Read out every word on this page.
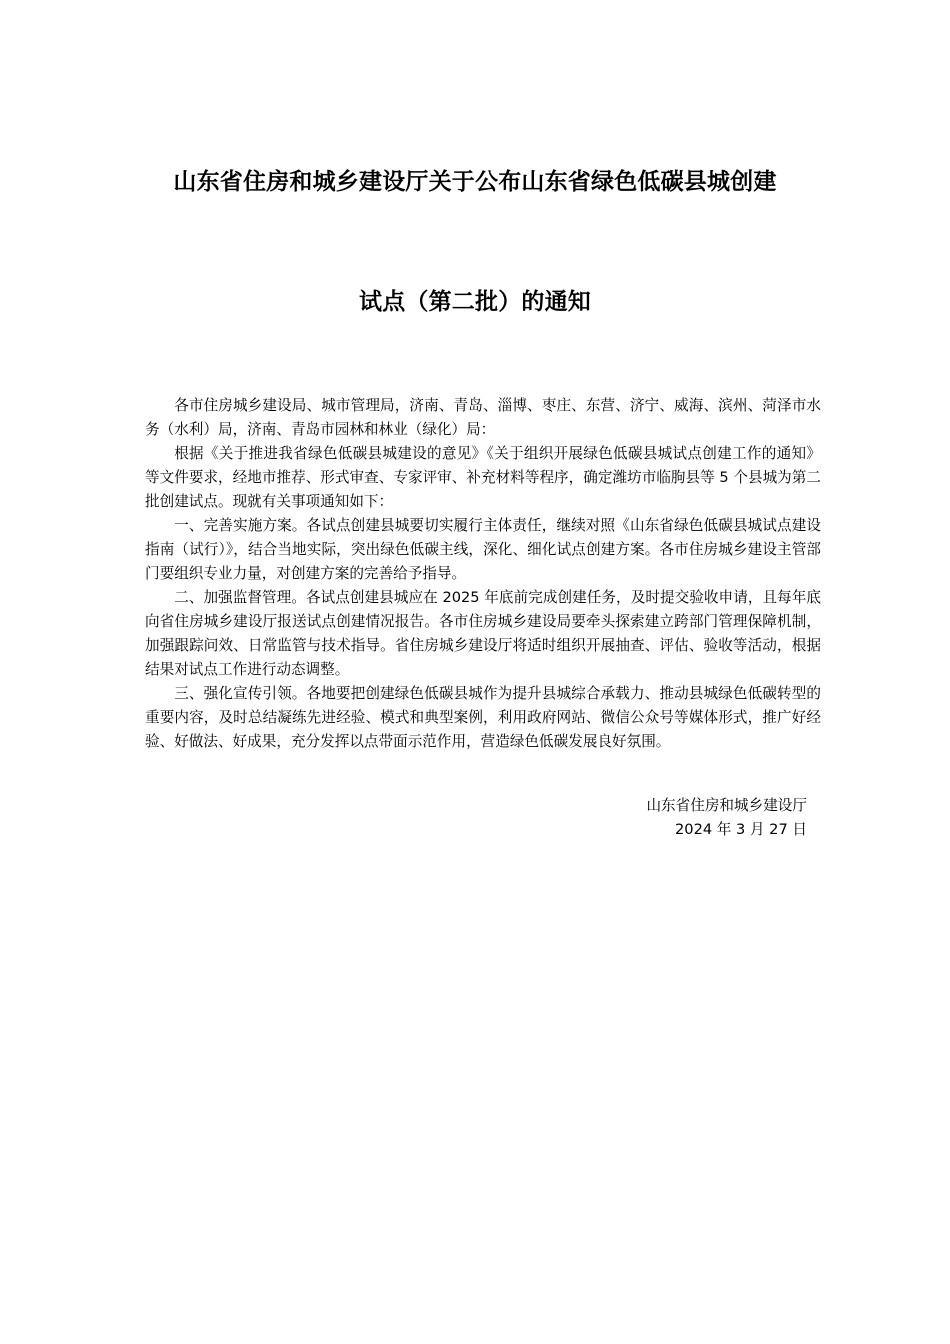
山东省住房和城乡建设厅关于公布山东省绿色低碳县城创建
试点（第二批）的通知

各市住房城乡建设局、城市管理局，济南、青岛、淄博、枣庄、东营、济宁、威海、滨州、菏泽市水务（水利）局，济南、青岛市园林和林业（绿化）局：

根据《关于推进我省绿色低碳县城建设的意见》《关于组织开展绿色低碳县城试点创建工作的通知》等文件要求，经地市推荐、形式审查、专家评审、补充材料等程序，确定潍坊市临朐县等 5 个县城为第二批创建试点。现就有关事项通知如下：

一、完善实施方案。各试点创建县城要切实履行主体责任，继续对照《山东省绿色低碳县城试点建设指南（试行）》，结合当地实际，突出绿色低碳主线，深化、细化试点创建方案。各市住房城乡建设主管部门要组织专业力量，对创建方案的完善给予指导。

二、加强监督管理。各试点创建县城应在 2025 年底前完成创建任务，及时提交验收申请，且每年底向省住房城乡建设厅报送试点创建情况报告。各市住房城乡建设局要牵头探索建立跨部门管理保障机制，加强跟踪问效、日常监管与技术指导。省住房城乡建设厅将适时组织开展抽查、评估、验收等活动，根据结果对试点工作进行动态调整。

三、强化宣传引领。各地要把创建绿色低碳县城作为提升县城综合承载力、推动县城绿色低碳转型的重要内容，及时总结凝练先进经验、模式和典型案例，利用政府网站、微信公众号等媒体形式，推广好经验、好做法、好成果，充分发挥以点带面示范作用，营造绿色低碳发展良好氛围。

山东省住房和城乡建设厅
2024 年 3 月 27 日
